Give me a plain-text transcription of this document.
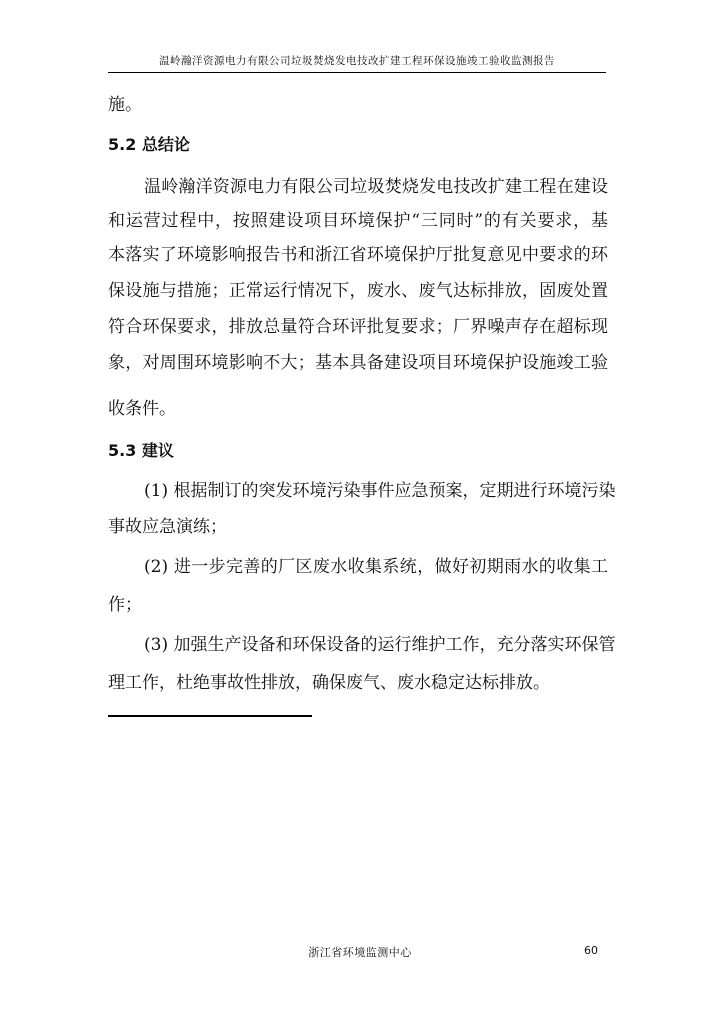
温岭瀚洋资源电力有限公司垃圾焚烧发电技改扩建工程环保设施竣工验收监测报告
施。
5.2 总结论
温岭瀚洋资源电力有限公司垃圾焚烧发电技改扩建工程在建设
和运营过程中，按照建设项目环境保护“三同时”的有关要求，基
本落实了环境影响报告书和浙江省环境保护厅批复意见中要求的环
保设施与措施；正常运行情况下，废水、废气达标排放，固废处置
符合环保要求，排放总量符合环评批复要求；厂界噪声存在超标现
象，对周围环境影响不大；基本具备建设项目环境保护设施竣工验
收条件。
5.3 建议
(1) 根据制订的突发环境污染事件应急预案，定期进行环境污染
事故应急演练；
(2) 进一步完善的厂区废水收集系统，做好初期雨水的收集工
作；
(3) 加强生产设备和环保设备的运行维护工作，充分落实环保管
理工作，杜绝事故性排放，确保废气、废水稳定达标排放。
浙江省环境监测中心	60
